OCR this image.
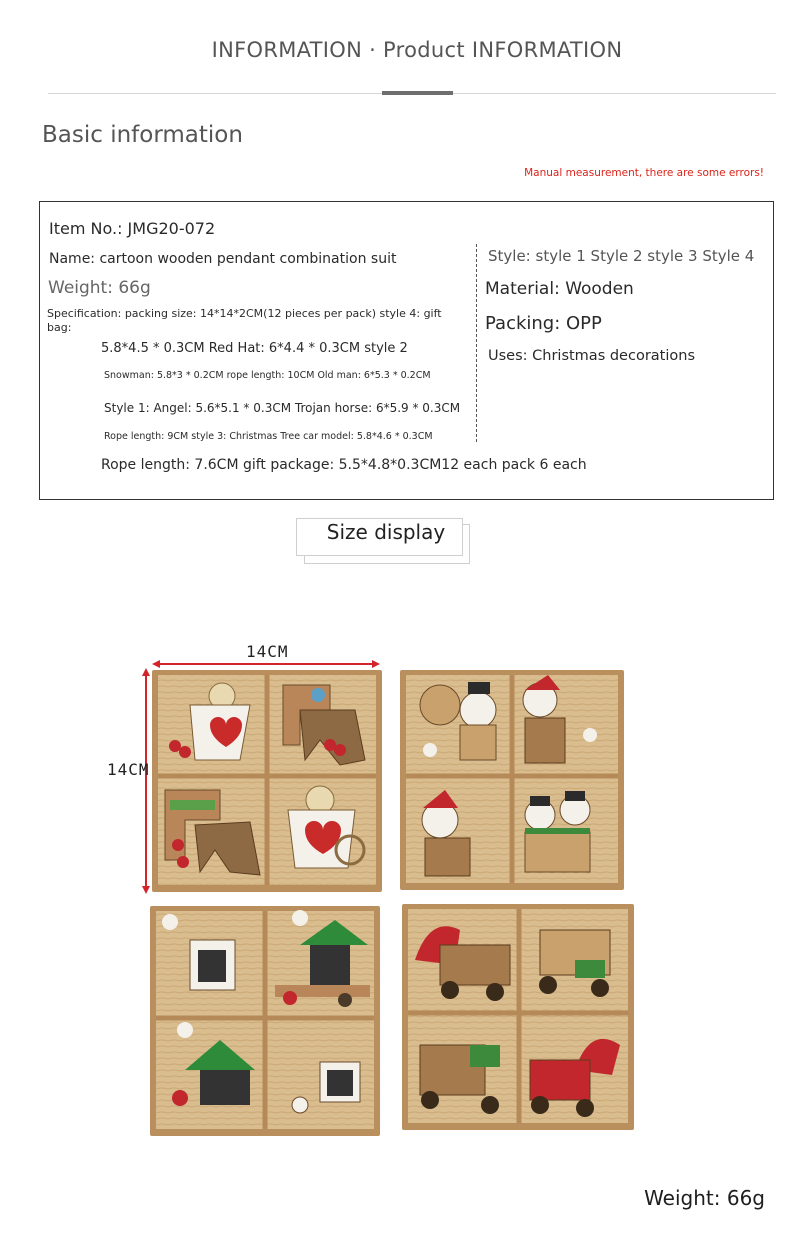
INFORMATION · Product INFORMATION
Basic information
Manual measurement, there are some errors!
Item No.: JMG20-072
Name: cartoon wooden pendant combination suit
Weight: 66g
Specification: packing size: 14*14*2CM(12 pieces per pack) style 4: gift
bag:
5.8*4.5 * 0.3CM Red Hat: 6*4.4 * 0.3CM style 2
Snowman: 5.8*3 * 0.2CM rope length: 10CM Old man: 6*5.3 * 0.2CM
Style 1: Angel: 5.6*5.1 * 0.3CM Trojan horse: 6*5.9 * 0.3CM
Rope length: 9CM style 3: Christmas Tree car model: 5.8*4.6 * 0.3CM
Rope length: 7.6CM gift package: 5.5*4.8*0.3CM12 each pack 6 each
Style: style 1 Style 2 style 3 Style 4
Material: Wooden
Packing: OPP
Uses: Christmas decorations
Size display
14CM
14CM
Weight: 66g
